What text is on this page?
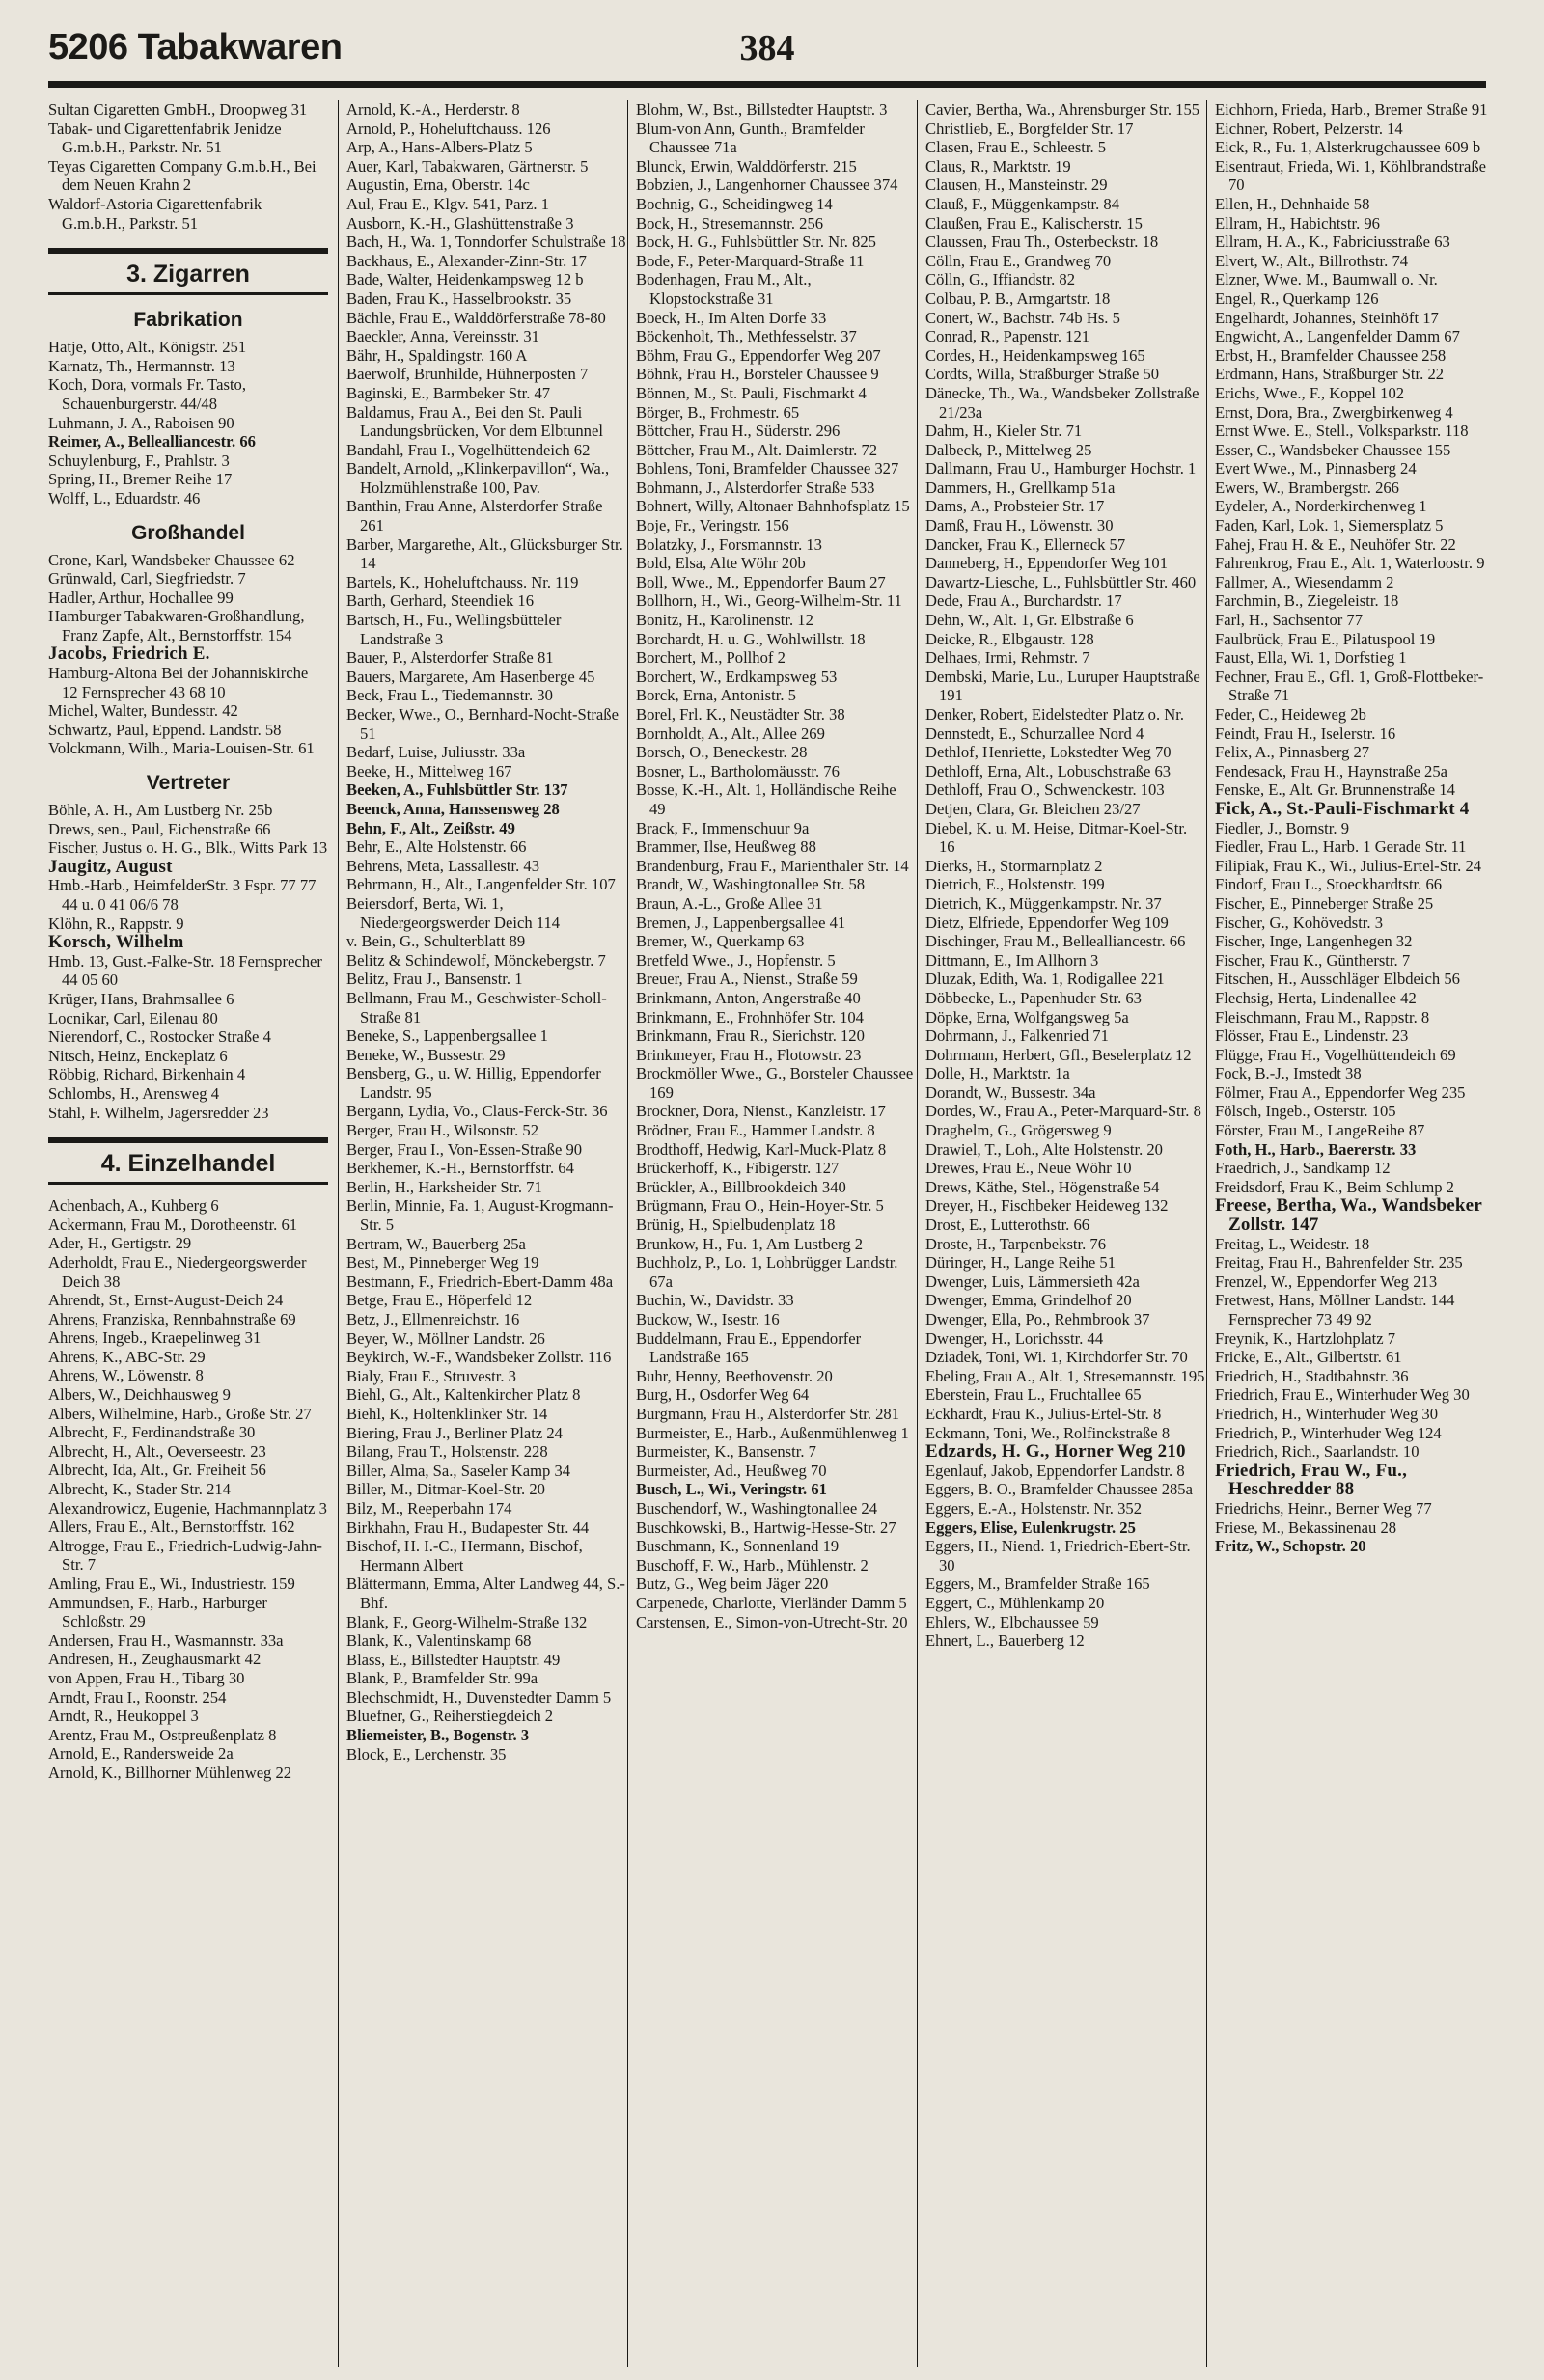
5206 Tabakwaren	384

Sultan Cigaretten GmbH., Droopweg 31

Tabak- und Cigarettenfabrik Jenidze G.m.b.H., Parkstr. Nr. 51

Teyas Cigaretten Company G.m.b.H., Bei dem Neuen Krahn 2

Waldorf-Astoria Cigarettenfabrik G.m.b.H., Parkstr. 51

3. Zigarren
Fabrikation

Hatje, Otto, Alt., Königstr. 251

Karnatz, Th., Hermannstr. 13

Koch, Dora, vormals Fr. Tasto, Schauenburgerstr. 44/48

Luhmann, J. A., Raboisen 90

Reimer, A., Bellealliancestr. 66

Schuylenburg, F., Prahlstr. 3

Spring, H., Bremer Reihe 17

Wolff, L., Eduardstr. 46

Großhandel

Crone, Karl, Wandsbeker Chaussee 62

Grünwald, Carl, Siegfriedstr. 7

Hadler, Arthur, Hochallee 99

Hamburger Tabakwaren-Großhandlung, Franz Zapfe, Alt., Bernstorffstr. 154

Jacobs, Friedrich E.

Hamburg-Altona Bei der Johanniskirche 12 Fernsprecher 43 68 10

Michel, Walter, Bundesstr. 42

Schwartz, Paul, Eppend. Landstr. 58

Volckmann, Wilh., Maria-Louisen-Str. 61

Vertreter

Böhle, A. H., Am Lustberg Nr. 25b

Drews, sen., Paul, Eichenstraße 66

Fischer, Justus o. H. G., Blk., Witts Park 13

Jaugitz, August

Hmb.-Harb., HeimfelderStr. 3 Fspr. 77 77 44 u. 0 41 06/6 78

Klöhn, R., Rappstr. 9

Korsch, Wilhelm

Hmb. 13, Gust.-Falke-Str. 18 Fernsprecher 44 05 60

Krüger, Hans, Brahmsallee 6

Locnikar, Carl, Eilenau 80

Nierendorf, C., Rostocker Straße 4

Nitsch, Heinz, Enckeplatz 6

Röbbig, Richard, Birkenhain 4

Schlombs, H., Arensweg 4

Stahl, F. Wilhelm, Jagersredder 23

4. Einzelhandel

Achenbach, A., Kuhberg 6

Ackermann, Frau M., Dorotheenstr. 61

Ader, H., Gertigstr. 29

Aderholdt, Frau E., Niedergeorgswerder Deich 38

Ahrendt, St., Ernst-August-Deich 24

Ahrens, Franziska, Rennbahnstraße 69

Ahrens, Ingeb., Kraepelinweg 31

Ahrens, K., ABC-Str. 29

Ahrens, W., Löwenstr. 8

Albers, W., Deichhausweg 9

Albers, Wilhelmine, Harb., Große Str. 27

Albrecht, F., Ferdinandstraße 30

Albrecht, H., Alt., Oeverseestr. 23

Albrecht, Ida, Alt., Gr. Freiheit 56

Albrecht, K., Stader Str. 214

Alexandrowicz, Eugenie, Hachmannplatz 3

Allers, Frau E., Alt., Bernstorffstr. 162

Altrogge, Frau E., Friedrich-Ludwig-Jahn-Str. 7

Amling, Frau E., Wi., Industriestr. 159

Ammundsen, F., Harb., Harburger Schloßstr. 29

Andersen, Frau H., Wasmannstr. 33a

Andresen, H., Zeughausmarkt 42

von Appen, Frau H., Tibarg 30

Arndt, Frau I., Roonstr. 254

Arndt, R., Heukoppel 3

Arentz, Frau M., Ostpreußenplatz 8

Arnold, E., Randersweide 2a

Arnold, K., Billhorner Mühlenweg 22

Arnold, K.-A., Herderstr. 8

Arnold, P., Hoheluftchauss. 126

Arp, A., Hans-Albers-Platz 5

Auer, Karl, Tabakwaren, Gärtnerstr. 5

Augustin, Erna, Oberstr. 14c

Aul, Frau E., Klgv. 541, Parz. 1

Ausborn, K.-H., Glashüttenstraße 3

Bach, H., Wa. 1, Tonndorfer Schulstraße 18

Backhaus, E., Alexander-Zinn-Str. 17

Bade, Walter, Heidenkampsweg 12 b

Baden, Frau K., Hasselbrookstr. 35

Bächle, Frau E., Walddörferstraße 78-80

Baeckler, Anna, Vereinsstr. 31

Bähr, H., Spaldingstr. 160 A

Baerwolf, Brunhilde, Hühnerposten 7

Baginski, E., Barmbeker Str. 47

Baldamus, Frau A., Bei den St. Pauli Landungsbrücken, Vor dem Elbtunnel

Bandahl, Frau I., Vogelhüttendeich 62

Bandelt, Arnold, „Klinkerpavillon“, Wa., Holzmühlenstraße 100, Pav.

Banthin, Frau Anne, Alsterdorfer Straße 261

Barber, Margarethe, Alt., Glücksburger Str. 14

Bartels, K., Hoheluftchauss. Nr. 119

Barth, Gerhard, Steendiek 16

Bartsch, H., Fu., Wellingsbütteler Landstraße 3

Bauer, P., Alsterdorfer Straße 81

Bauers, Margarete, Am Hasenberge 45

Beck, Frau L., Tiedemannstr. 30

Becker, Wwe., O., Bernhard-Nocht-Straße 51

Bedarf, Luise, Juliusstr. 33a

Beeke, H., Mittelweg 167

Beeken, A., Fuhlsbüttler Str. 137

Beenck, Anna, Hanssensweg 28

Behn, F., Alt., Zeißstr. 49

Behr, E., Alte Holstenstr. 66

Behrens, Meta, Lassallestr. 43

Behrmann, H., Alt., Langenfelder Str. 107

Beiersdorf, Berta, Wi. 1, Niedergeorgswerder Deich 114

v. Bein, G., Schulterblatt 89

Belitz & Schindewolf, Mönckebergstr. 7

Belitz, Frau J., Bansenstr. 1

Bellmann, Frau M., Geschwister-Scholl-Straße 81

Beneke, S., Lappenbergsallee 1

Beneke, W., Bussestr. 29

Bensberg, G., u. W. Hillig, Eppendorfer Landstr. 95

Bergann, Lydia, Vo., Claus-Ferck-Str. 36

Berger, Frau H., Wilsonstr. 52

Berger, Frau I., Von-Essen-Straße 90

Berkhemer, K.-H., Bernstorffstr. 64

Berlin, H., Harksheider Str. 71

Berlin, Minnie, Fa. 1, August-Krogmann-Str. 5

Bertram, W., Bauerberg 25a

Best, M., Pinneberger Weg 19

Bestmann, F., Friedrich-Ebert-Damm 48a

Betge, Frau E., Höperfeld 12

Betz, J., Ellmenreichstr. 16

Beyer, W., Möllner Landstr. 26

Beykirch, W.-F., Wandsbeker Zollstr. 116

Bialy, Frau E., Struvestr. 3

Biehl, G., Alt., Kaltenkircher Platz 8

Biehl, K., Holtenklinker Str. 14

Biering, Frau J., Berliner Platz 24

Bilang, Frau T., Holstenstr. 228

Biller, Alma, Sa., Saseler Kamp 34

Biller, M., Ditmar-Koel-Str. 20

Bilz, M., Reeperbahn 174

Birkhahn, Frau H., Budapester Str. 44

Bischof, H. I.-C., Hermann, Bischof, Hermann Albert

Blättermann, Emma, Alter Landweg 44, S.-Bhf.

Blank, F., Georg-Wilhelm-Straße 132

Blank, K., Valentinskamp 68

Blass, E., Billstedter Hauptstr. 49

Blank, P., Bramfelder Str. 99a

Blechschmidt, H., Duvenstedter Damm 5

Bluefner, G., Reiherstiegdeich 2

Bliemeister, B., Bogenstr. 3

Block, E., Lerchenstr. 35

Blohm, W., Bst., Billstedter Hauptstr. 3

Blum-von Ann, Gunth., Bramfelder Chaussee 71a

Blunck, Erwin, Walddörferstr. 215

Bobzien, J., Langenhorner Chaussee 374

Bochnig, G., Scheidingweg 14

Bock, H., Stresemannstr. 256

Bock, H. G., Fuhlsbüttler Str. Nr. 825

Bode, F., Peter-Marquard-Straße 11

Bodenhagen, Frau M., Alt., Klopstockstraße 31

Boeck, H., Im Alten Dorfe 33

Böckenholt, Th., Methfesselstr. 37

Böhm, Frau G., Eppendorfer Weg 207

Böhnk, Frau H., Borsteler Chaussee 9

Bönnen, M., St. Pauli, Fischmarkt 4

Börger, B., Frohmestr. 65

Böttcher, Frau H., Süderstr. 296

Böttcher, Frau M., Alt. Daimlerstr. 72

Bohlens, Toni, Bramfelder Chaussee 327

Bohmann, J., Alsterdorfer Straße 533

Bohnert, Willy, Altonaer Bahnhofsplatz 15

Boje, Fr., Veringstr. 156

Bolatzky, J., Forsmannstr. 13

Bold, Elsa, Alte Wöhr 20b

Boll, Wwe., M., Eppendorfer Baum 27

Bollhorn, H., Wi., Georg-Wilhelm-Str. 11

Bonitz, H., Karolinenstr. 12

Borchardt, H. u. G., Wohlwillstr. 18

Borchert, M., Pollhof 2

Borchert, W., Erdkampsweg 53

Borck, Erna, Antonistr. 5

Borel, Frl. K., Neustädter Str. 38

Bornholdt, A., Alt., Allee 269

Borsch, O., Beneckestr. 28

Bosner, L., Bartholomäusstr. 76

Bosse, K.-H., Alt. 1, Holländische Reihe 49

Brack, F., Immenschuur 9a

Brammer, Ilse, Heußweg 88

Brandenburg, Frau F., Marienthaler Str. 14

Brandt, W., Washingtonallee Str. 58

Braun, A.-L., Große Allee 31

Bremen, J., Lappenbergsallee 41

Bremer, W., Querkamp 63

Bretfeld Wwe., J., Hopfenstr. 5

Breuer, Frau A., Nienst., Straße 59

Brinkmann, Anton, Angerstraße 40

Brinkmann, E., Frohnhöfer Str. 104

Brinkmann, Frau R., Sierichstr. 120

Brinkmeyer, Frau H., Flotowstr. 23

Brockmöller Wwe., G., Borsteler Chaussee 169

Brockner, Dora, Nienst., Kanzleistr. 17

Brödner, Frau E., Hammer Landstr. 8

Brodthoff, Hedwig, Karl-Muck-Platz 8

Brückerhoff, K., Fibigerstr. 127

Brückler, A., Billbrookdeich 340

Brügmann, Frau O., Hein-Hoyer-Str. 5

Brünig, H., Spielbudenplatz 18

Brunkow, H., Fu. 1, Am Lustberg 2

Buchholz, P., Lo. 1, Lohbrügger Landstr. 67a

Buchin, W., Davidstr. 33

Buckow, W., Isestr. 16

Buddelmann, Frau E., Eppendorfer Landstraße 165

Buhr, Henny, Beethovenstr. 20

Burg, H., Osdorfer Weg 64

Burgmann, Frau H., Alsterdorfer Str. 281

Burmeister, E., Harb., Außenmühlenweg 1

Burmeister, K., Bansenstr. 7

Burmeister, Ad., Heußweg 70

Busch, L., Wi., Veringstr. 61

Buschendorf, W., Washingtonallee 24

Buschkowski, B., Hartwig-Hesse-Str. 27

Buschmann, K., Sonnenland 19

Buschoff, F. W., Harb., Mühlenstr. 2

Butz, G., Weg beim Jäger 220

Carpenede, Charlotte, Vierländer Damm 5

Carstensen, E., Simon-von-Utrecht-Str. 20

Cavier, Bertha, Wa., Ahrensburger Str. 155

Christlieb, E., Borgfelder Str. 17

Clasen, Frau E., Schleestr. 5

Claus, R., Marktstr. 19

Clausen, H., Mansteinstr. 29

Clauß, F., Müggenkampstr. 84

Claußen, Frau E., Kalischerstr. 15

Claussen, Frau Th., Osterbeckstr. 18

Cölln, Frau E., Grandweg 70

Cölln, G., Iffiandstr. 82

Colbau, P. B., Armgartstr. 18

Conert, W., Bachstr. 74b Hs. 5

Conrad, R., Papenstr. 121

Cordes, H., Heidenkampsweg 165

Cordts, Willa, Straßburger Straße 50

Dänecke, Th., Wa., Wandsbeker Zollstraße 21/23a

Dahm, H., Kieler Str. 71

Dalbeck, P., Mittelweg 25

Dallmann, Frau U., Hamburger Hochstr. 1

Dammers, H., Grellkamp 51a

Dams, A., Probsteier Str. 17

Damß, Frau H., Löwenstr. 30

Dancker, Frau K., Ellerneck 57

Danneberg, H., Eppendorfer Weg 101

Dawartz-Liesche, L., Fuhlsbüttler Str. 460

Dede, Frau A., Burchardstr. 17

Dehn, W., Alt. 1, Gr. Elbstraße 6

Deicke, R., Elbgaustr. 128

Delhaes, Irmi, Rehmstr. 7

Dembski, Marie, Lu., Luruper Hauptstraße 191

Denker, Robert, Eidelstedter Platz o. Nr.

Dennstedt, E., Schurzallee Nord 4

Dethlof, Henriette, Lokstedter Weg 70

Dethloff, Erna, Alt., Lobuschstraße 63

Dethloff, Frau O., Schwenckestr. 103

Detjen, Clara, Gr. Bleichen 23/27

Diebel, K. u. M. Heise, Ditmar-Koel-Str. 16

Dierks, H., Stormarnplatz 2

Dietrich, E., Holstenstr. 199

Dietrich, K., Müggenkampstr. Nr. 37

Dietz, Elfriede, Eppendorfer Weg 109

Dischinger, Frau M., Bellealliancestr. 66

Dittmann, E., Im Allhorn 3

Dluzak, Edith, Wa. 1, Rodigallee 221

Döbbecke, L., Papenhuder Str. 63

Döpke, Erna, Wolfgangsweg 5a

Dohrmann, J., Falkenried 71

Dohrmann, Herbert, Gfl., Beselerplatz 12

Dolle, H., Marktstr. 1a

Dorandt, W., Bussestr. 34a

Dordes, W., Frau A., Peter-Marquard-Str. 8

Draghelm, G., Grögersweg 9

Drawiel, T., Loh., Alte Holstenstr. 20

Drewes, Frau E., Neue Wöhr 10

Drews, Käthe, Stel., Högenstraße 54

Dreyer, H., Fischbeker Heideweg 132

Drost, E., Lutterothstr. 66

Droste, H., Tarpenbekstr. 76

Düringer, H., Lange Reihe 51

Dwenger, Luis, Lämmersieth 42a

Dwenger, Emma, Grindelhof 20

Dwenger, Ella, Po., Rehmbrook 37

Dwenger, H., Lorichsstr. 44

Dziadek, Toni, Wi. 1, Kirchdorfer Str. 70

Ebeling, Frau A., Alt. 1, Stresemannstr. 195

Eberstein, Frau L., Fruchtallee 65

Eckhardt, Frau K., Julius-Ertel-Str. 8

Eckmann, Toni, We., Rolfinckstraße 8

Edzards, H. G., Horner Weg 210

Egenlauf, Jakob, Eppendorfer Landstr. 8

Eggers, B. O., Bramfelder Chaussee 285a

Eggers, E.-A., Holstenstr. Nr. 352

Eggers, Elise, Eulenkrugstr. 25

Eggers, H., Niend. 1, Friedrich-Ebert-Str. 30

Eggers, M., Bramfelder Straße 165

Eggert, C., Mühlenkamp 20

Ehlers, W., Elbchaussee 59

Ehnert, L., Bauerberg 12

Eichhorn, Frieda, Harb., Bremer Straße 91

Eichner, Robert, Pelzerstr. 14

Eick, R., Fu. 1, Alsterkrugchaussee 609 b

Eisentraut, Frieda, Wi. 1, Köhlbrandstraße 70

Ellen, H., Dehnhaide 58

Ellram, H., Habichtstr. 96

Ellram, H. A., K., Fabriciusstraße 63

Elvert, W., Alt., Billrothstr. 74

Elzner, Wwe. M., Baumwall o. Nr.

Engel, R., Querkamp 126

Engelhardt, Johannes, Steinhöft 17

Engwicht, A., Langenfelder Damm 67

Erbst, H., Bramfelder Chaussee 258

Erdmann, Hans, Straßburger Str. 22

Erichs, Wwe., F., Koppel 102

Ernst, Dora, Bra., Zwergbirkenweg 4

Ernst Wwe. E., Stell., Volksparkstr. 118

Esser, C., Wandsbeker Chaussee 155

Evert Wwe., M., Pinnasberg 24

Ewers, W., Brambergstr. 266

Eydeler, A., Norderkirchenweg 1

Faden, Karl, Lok. 1, Siemersplatz 5

Fahej, Frau H. & E., Neuhöfer Str. 22

Fahrenkrog, Frau E., Alt. 1, Waterloostr. 9

Fallmer, A., Wiesendamm 2

Farchmin, B., Ziegeleistr. 18

Farl, H., Sachsentor 77

Faulbrück, Frau E., Pilatuspool 19

Faust, Ella, Wi. 1, Dorfstieg 1

Fechner, Frau E., Gfl. 1, Groß-Flottbeker-Straße 71

Feder, C., Heideweg 2b

Feindt, Frau H., Iselerstr. 16

Felix, A., Pinnasberg 27

Fendesack, Frau H., Haynstraße 25a

Fenske, E., Alt. Gr. Brunnenstraße 14

Fick, A., St.-Pauli-Fischmarkt 4

Fiedler, J., Bornstr. 9

Fiedler, Frau L., Harb. 1 Gerade Str. 11

Filipiak, Frau K., Wi., Julius-Ertel-Str. 24

Findorf, Frau L., Stoeckhardtstr. 66

Fischer, E., Pinneberger Straße 25

Fischer, G., Kohövedstr. 3

Fischer, Inge, Langenhegen 32

Fischer, Frau K., Güntherstr. 7

Fitschen, H., Ausschläger Elbdeich 56

Flechsig, Herta, Lindenallee 42

Fleischmann, Frau M., Rappstr. 8

Flösser, Frau E., Lindenstr. 23

Flügge, Frau H., Vogelhüttendeich 69

Fock, B.-J., Imstedt 38

Fölmer, Frau A., Eppendorfer Weg 235

Fölsch, Ingeb., Osterstr. 105

Förster, Frau M., LangeReihe 87

Foth, H., Harb., Baererstr. 33

Fraedrich, J., Sandkamp 12

Freidsdorf, Frau K., Beim Schlump 2

Freese, Bertha, Wa., Wandsbeker Zollstr. 147

Freitag, L., Weidestr. 18

Freitag, Frau H., Bahrenfelder Str. 235

Frenzel, W., Eppendorfer Weg 213

Fretwest, Hans, Möllner Landstr. 144 Fernsprecher 73 49 92

Freynik, K., Hartzlohplatz 7

Fricke, E., Alt., Gilbertstr. 61

Friedrich, H., Stadtbahnstr. 36

Friedrich, Frau E., Winterhuder Weg 30

Friedrich, H., Winterhuder Weg 30

Friedrich, P., Winterhuder Weg 124

Friedrich, Rich., Saarlandstr. 10

Friedrich, Frau W., Fu., Heschredder 88

Friedrichs, Heinr., Berner Weg 77

Friese, M., Bekassinenau 28

Fritz, W., Schopstr. 20
